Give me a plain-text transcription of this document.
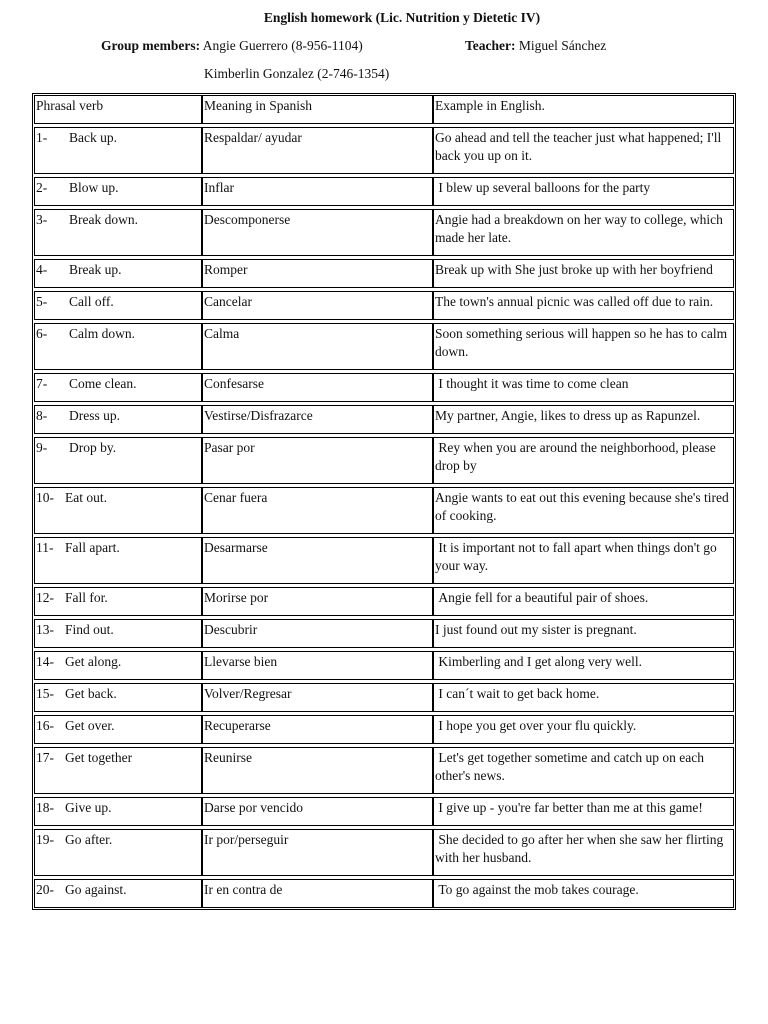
English homework (Lic. Nutrition y Dietetic IV)
Group members: Angie Guerrero (8-956-1104)	Teacher: Miguel Sánchez
Kimberlin Gonzalez (2-746-1354)
Phrasal verb	Meaning in Spanish	Example in English.
1- Back up.	Respaldar/ ayudar	Go ahead and tell the teacher just what happened; I'll back you up on it.
2- Blow up.	Inflar	I blew up several balloons for the party
3- Break down.	Descomponerse	Angie had a breakdown on her way to college, which made her late.
4- Break up.	Romper	Break up with She just broke up with her boyfriend
5- Call off.	Cancelar	The town's annual picnic was called off due to rain.
6- Calm down.	Calma	Soon something serious will happen so he has to calm down.
7- Come clean.	Confesarse	I thought it was time to come clean
8- Dress up.	Vestirse/Disfrazarce	My partner, Angie, likes to dress up as Rapunzel.
9- Drop by.	Pasar por	Rey when you are around the neighborhood, please drop by
10- Eat out.	Cenar fuera	Angie wants to eat out this evening because she's tired of cooking.
11- Fall apart.	Desarmarse	It is important not to fall apart when things don't go your way.
12- Fall for.	Morirse por	Angie fell for a beautiful pair of shoes.
13- Find out.	Descubrir	I just found out my sister is pregnant.
14- Get along.	Llevarse bien	Kimberling and I get along very well.
15- Get back.	Volver/Regresar	I can´t wait to get back home.
16- Get over.	Recuperarse	I hope you get over your flu quickly.
17- Get together	Reunirse	Let's get together sometime and catch up on each other's news.
18- Give up.	Darse por vencido	I give up - you're far better than me at this game!
19- Go after.	Ir por/perseguir	She decided to go after her when she saw her flirting with her husband.
20- Go against.	Ir en contra de	To go against the mob takes courage.
